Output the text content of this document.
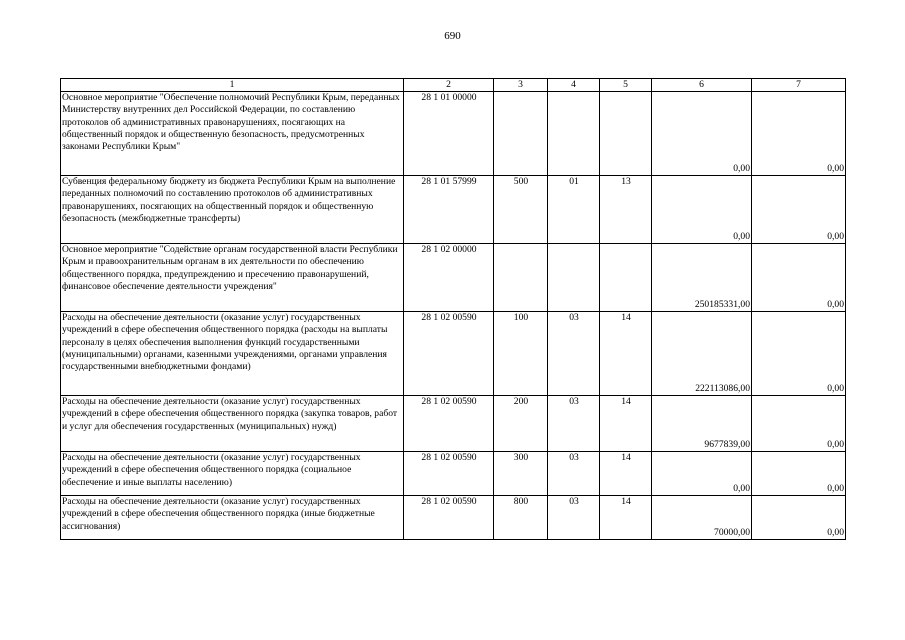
690
1	2	3	4	5	6	7
Основное мероприятие "Обеспечение полномочий Республики Крым, переданных Министерству внутренних дел Российской Федерации, по составлению протоколов об административных правонарушениях, посягающих на общественный порядок и общественную безопасность, предусмотренных законами Республики Крым"	28 1 01 00000				0,00	0,00
Субвенция федеральному бюджету из бюджета Республики Крым на выполнение переданных полномочий по составлению протоколов об административных правонарушениях, посягающих на общественный порядок и общественную безопасность (межбюджетные трансферты)	28 1 01 57999	500	01	13	0,00	0,00
Основное мероприятие "Содействие органам государственной власти Республики Крым и правоохранительным органам в их деятельности по обеспечению общественного порядка, предупреждению и пресечению правонарушений, финансовое обеспечение деятельности учреждения"	28 1 02 00000				250185331,00	0,00
Расходы на обеспечение деятельности (оказание услуг) государственных учреждений в сфере обеспечения общественного порядка (расходы на выплаты персоналу в целях обеспечения выполнения функций государственными (муниципальными) органами, казенными учреждениями, органами управления государственными внебюджетными фондами)	28 1 02 00590	100	03	14	222113086,00	0,00
Расходы на обеспечение деятельности (оказание услуг) государственных учреждений в сфере обеспечения общественного порядка (закупка товаров, работ и услуг для обеспечения государственных (муниципальных) нужд)	28 1 02 00590	200	03	14	9677839,00	0,00
Расходы на обеспечение деятельности (оказание услуг) государственных учреждений в сфере обеспечения общественного порядка (социальное обеспечение и иные выплаты населению)	28 1 02 00590	300	03	14	0,00	0,00
Расходы на обеспечение деятельности (оказание услуг) государственных учреждений в сфере обеспечения общественного порядка (иные бюджетные ассигнования)	28 1 02 00590	800	03	14	70000,00	0,00
